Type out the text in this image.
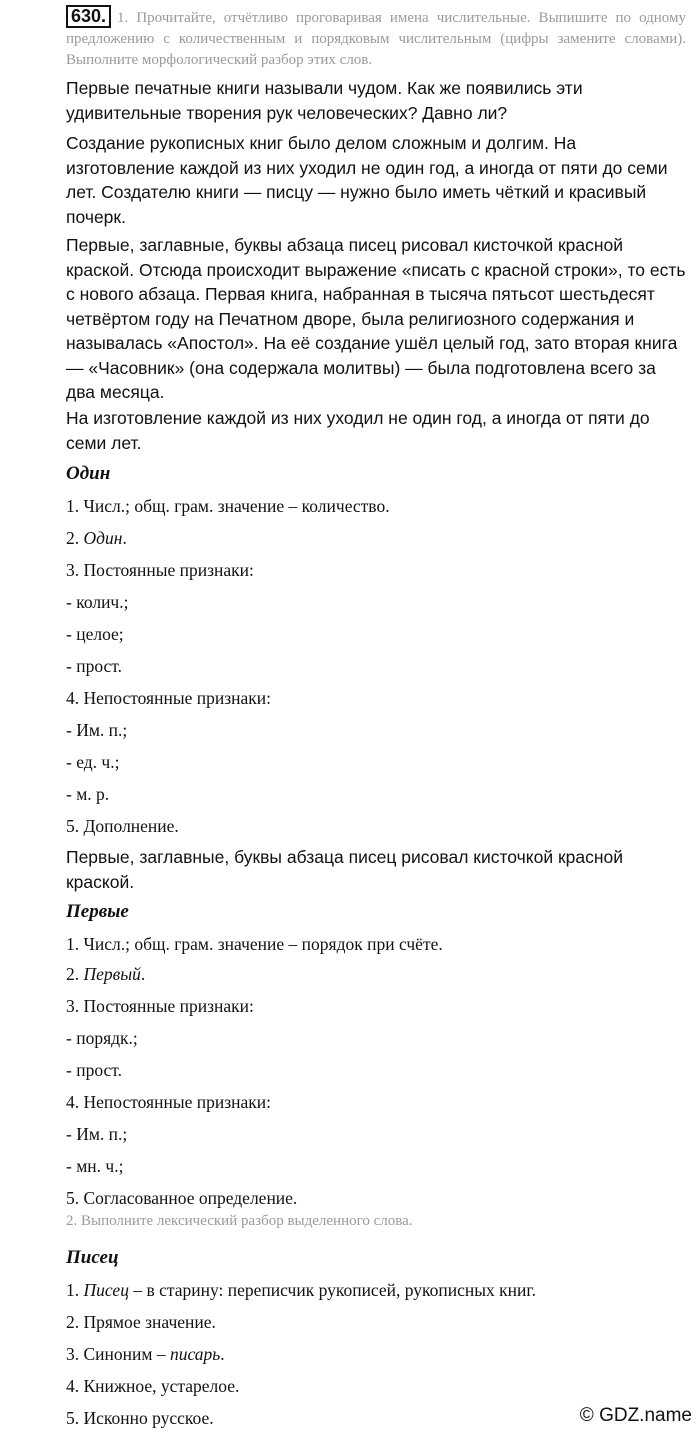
630. 1. Прочитайте, отчётливо проговаривая имена числительные. Выпишите по одному предложению с количественным и порядковым числительным (цифры замените словами). Выполните морфологический разбор этих слов.

Первые печатные книги называли чудом. Как же появились эти удивительные творения рук человеческих? Давно ли?

Создание рукописных книг было делом сложным и долгим. На изготовление каждой из них уходил не один год, а иногда от пяти до семи лет. Создателю книги — писцу — нужно было иметь чёткий и красивый почерк.

Первые, заглавные, буквы абзаца писец рисовал кисточкой красной краской. Отсюда происходит выражение «писать с красной строки», то есть с нового абзаца. Первая книга, набранная в тысяча пятьсот шестьдесят четвёртом году на Печатном дворе, была религиозного содержания и называлась «Апостол». На её создание ушёл целый год, зато вторая книга — «Часовник» (она содержала молитвы) — была подготовлена всего за два месяца.

На изготовление каждой из них уходил не один год, а иногда от пяти до семи лет.

Один
1. Числ.; общ. грам. значение – количество.
2. Один.
3. Постоянные признаки:
- колич.;
- целое;
- прост.
4. Непостоянные признаки:
- Им. п.;
- ед. ч.;
- м. р.
5. Дополнение.

Первые, заглавные, буквы абзаца писец рисовал кисточкой красной краской.

Первые
1. Числ.; общ. грам. значение – порядок при счёте.
2. Первый.
3. Постоянные признаки:
- порядк.;
- прост.
4. Непостоянные признаки:
- Им. п.;
- мн. ч.;
5. Согласованное определение.
2. Выполните лексический разбор выделенного слова.
Писец
1. Писец – в старину: переписчик рукописей, рукописных книг.
2. Прямое значение.
3. Синоним – писарь.
4. Книжное, устарелое.
5. Исконно русское.	© GDZ.name
